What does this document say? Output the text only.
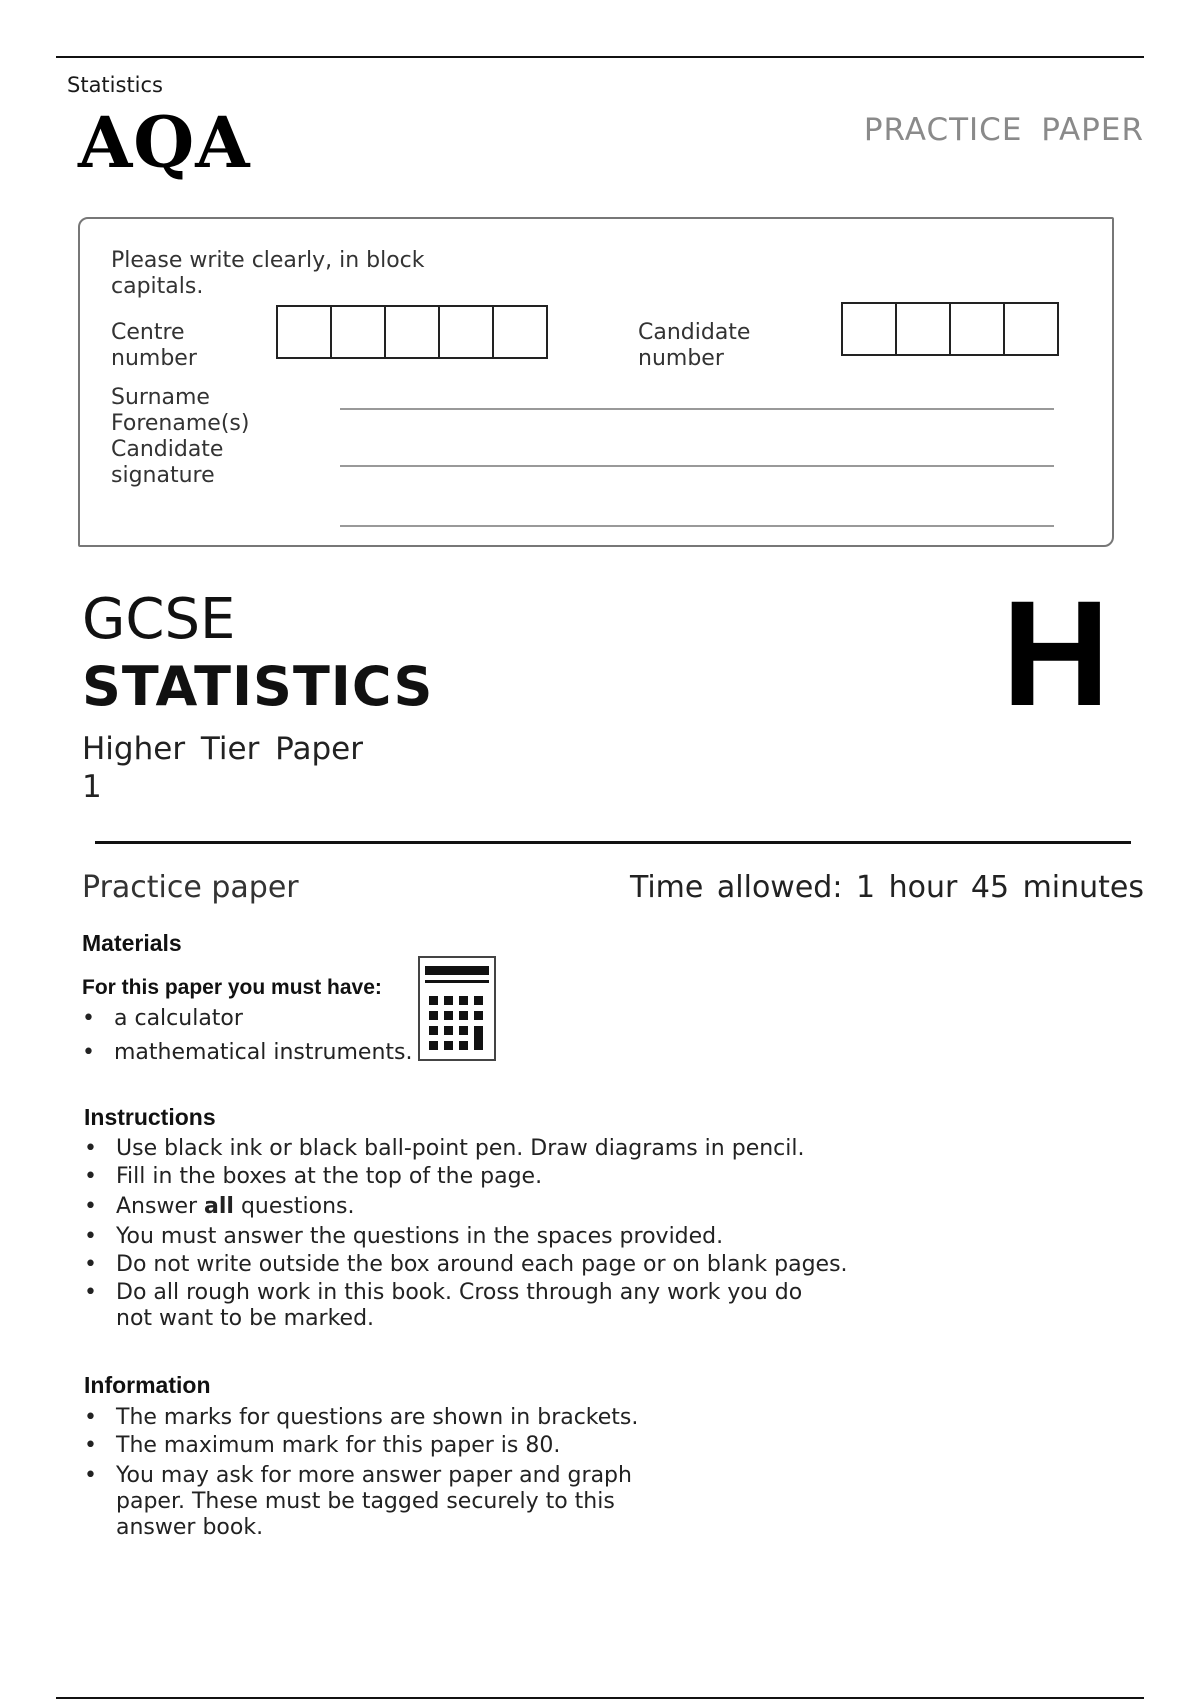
Statistics
AQA	PRACTICE PAPER
Please write clearly, in block
capitals.
Centre
number
Candidate
number
Surname
Forename(s)
Candidate
signature
GCSE
STATISTICS
Higher Tier Paper
1
H
Practice paper	Time allowed: 1 hour 45 minutes
Materials
For this paper you must have:
• a calculator
• mathematical instruments.
Instructions
• Use black ink or black ball-point pen. Draw diagrams in pencil.
• Fill in the boxes at the top of the page.
• Answer all questions.
• You must answer the questions in the spaces provided.
• Do not write outside the box around each page or on blank pages.
• Do all rough work in this book. Cross through any work you do
not want to be marked.
Information
• The marks for questions are shown in brackets.
• The maximum mark for this paper is 80.
• You may ask for more answer paper and graph
paper. These must be tagged securely to this
answer book.
